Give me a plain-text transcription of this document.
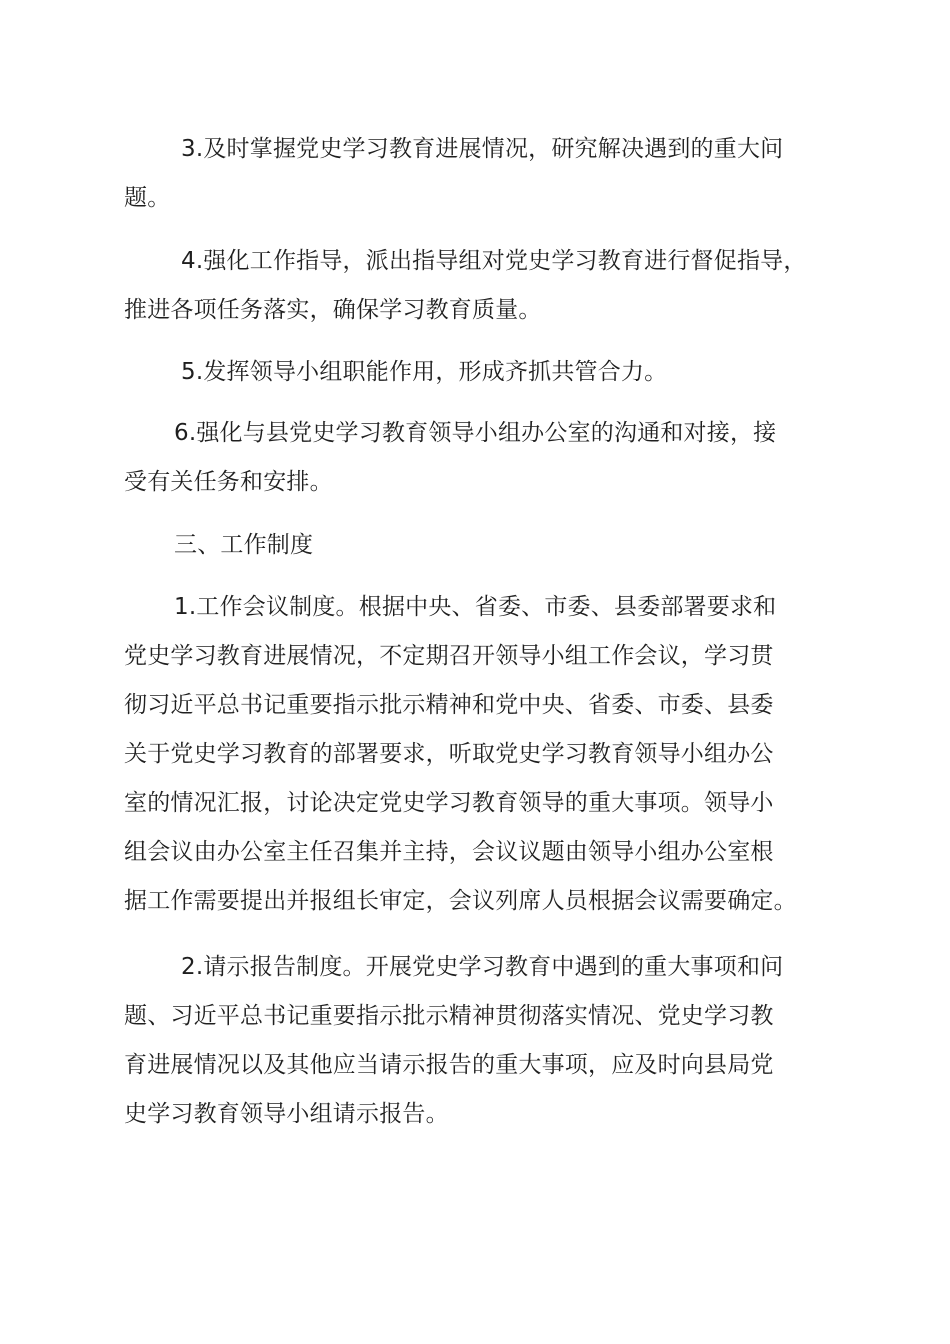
3.及时掌握党史学习教育进展情况，研究解决遇到的重大问
题。
4.强化工作指导，派出指导组对党史学习教育进行督促指导，
推进各项任务落实，确保学习教育质量。
5.发挥领导小组职能作用，形成齐抓共管合力。
6.强化与县党史学习教育领导小组办公室的沟通和对接，接
受有关任务和安排。
三、工作制度
1.工作会议制度。根据中央、省委、市委、县委部署要求和
党史学习教育进展情况，不定期召开领导小组工作会议，学习贯
彻习近平总书记重要指示批示精神和党中央、省委、市委、县委
关于党史学习教育的部署要求，听取党史学习教育领导小组办公
室的情况汇报，讨论决定党史学习教育领导的重大事项。领导小
组会议由办公室主任召集并主持，会议议题由领导小组办公室根
据工作需要提出并报组长审定，会议列席人员根据会议需要确定。
2.请示报告制度。开展党史学习教育中遇到的重大事项和问
题、习近平总书记重要指示批示精神贯彻落实情况、党史学习教
育进展情况以及其他应当请示报告的重大事项，应及时向县局党
史学习教育领导小组请示报告。
